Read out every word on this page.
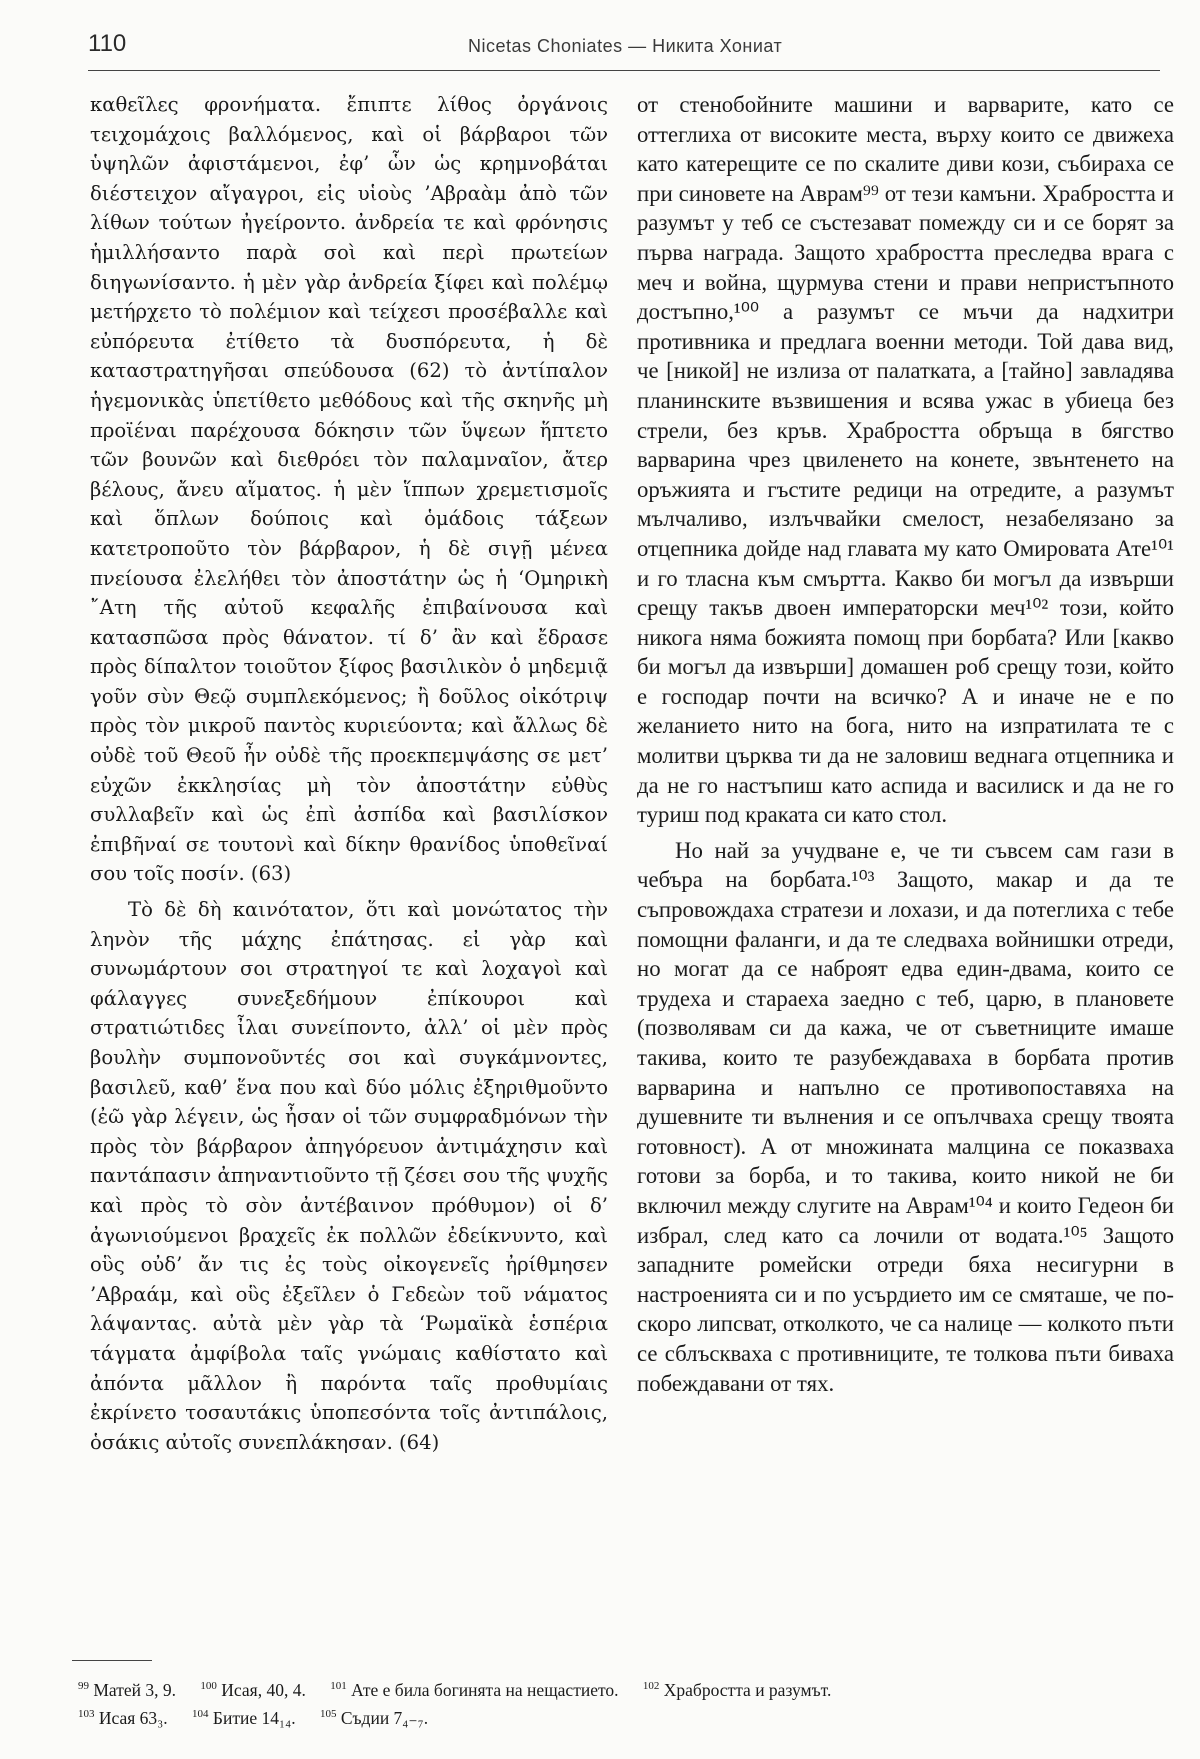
110	Nicetas Choniates — Никита Хониат

καθεῖλες φρονήματα. ἔπιπτε λίθος ὀργάνοις τειχομάχοις βαλλόμενος, καὶ οἱ βάρβαροι τῶν ὑψηλῶν ἀφιστάμενοι, ἐφ’ ὧν ὡς κρημνοβάται διέστειχον αἴγαγροι, εἰς υἱοὺς ’Αβραὰμ ἀπὸ τῶν λίθων τούτων ἠγείροντο. ἀνδρεία τε καὶ φρόνησις ἡμιλλήσαντο παρὰ σοὶ καὶ περὶ πρωτείων διηγωνίσαντο. ἡ μὲν γὰρ ἀνδρεία ξίφει καὶ πολέμῳ μετήρχετο τὸ πολέμιον καὶ τείχεσι προσέβαλλε καὶ εὐπόρευτα ἐτίθετο τὰ δυσπόρευτα, ἡ δὲ καταστρατηγῆσαι σπεύδουσα (62) τὸ ἀντίπαλον ἡγεμονικὰς ὑπετίθετο μεθόδους καὶ τῆς σκηνῆς μὴ προϊέναι παρέχουσα δόκησιν τῶν ὕψεων ἥπτετο τῶν βουνῶν καὶ διεθρόει τὸν παλαμναῖον, ἄτερ βέλους, ἄνευ αἵματος. ἡ μὲν ἵππων χρεμετισμοῖς καὶ ὅπλων δούποις καὶ ὁμάδοις τάξεων κατετροποῦτο τὸν βάρβαρον, ἡ δὲ σιγῇ μένεα πνείουσα ἐλελήθει τὸν ἀποστάτην ὡς ἡ ‘Ομηρικὴ ῎Ατη τῆς αὐτοῦ κεφαλῆς ἐπιβαίνουσα καὶ κατασπῶσα πρὸς θάνατον. τί δ’ ἂν καὶ ἔδρασε πρὸς δίπαλτον τοιοῦτον ξίφος βασιλικὸν ὁ μηδεμιᾷ γοῦν σὺν Θεῷ συμπλεκόμενος; ἢ δοῦλος οἰκότριψ πρὸς τὸν μικροῦ παντὸς κυριεύοντα; καὶ ἄλλως δὲ οὐδὲ τοῦ Θεοῦ ἦν οὐδὲ τῆς προεκπεμψάσης σε μετ’ εὐχῶν ἐκκλησίας μὴ τὸν ἀποστάτην εὐθὺς συλλαβεῖν καὶ ὡς ἐπὶ ἀσπίδα καὶ βασιλίσκον ἐπιβῆναί σε τουτονὶ καὶ δίκην θρανίδος ὑποθεῖναί σου τοῖς ποσίν. (63)

Τὸ δὲ δὴ καινότατον, ὅτι καὶ μονώτατος τὴν ληνὸν τῆς μάχης ἐπάτησας. εἰ γὰρ καὶ συνωμάρτουν σοι στρατηγοί τε καὶ λοχαγοὶ καὶ φάλαγγες συνεξεδήμουν ἐπίκουροι καὶ στρατιώτιδες ἶλαι συνείποντο, ἀλλ’ οἱ μὲν πρὸς βουλὴν συμπονοῦντές σοι καὶ συγκάμνοντες, βασιλεῦ, καθ’ ἕνα που καὶ δύο μόλις ἐξηριθμοῦντο (ἐῶ γὰρ λέγειν, ὡς ἦσαν οἱ τῶν συμφραδμόνων τὴν πρὸς τὸν βάρβαρον ἀπηγόρευον ἀντιμάχησιν καὶ παντάπασιν ἀπηναντιοῦντο τῇ ζέσει σου τῆς ψυχῆς καὶ πρὸς τὸ σὸν ἀντέβαινον πρόθυμον) οἱ δ’ ἀγωνιούμενοι βραχεῖς ἐκ πολλῶν ἐδείκνυντο, καὶ οὓς οὐδ’ ἄν τις ἐς τοὺς οἰκογενεῖς ἠρίθμησεν ’Αβραάμ, καὶ οὓς ἐξεῖλεν ὁ Γεδεὼν τοῦ νάματος λάψαντας. αὐτὰ μὲν γὰρ τὰ ‘Ρωμαϊκὰ ἑσπέρια τάγματα ἀμφίβολα ταῖς γνώμαις καθίστατο καὶ ἀπόντα μᾶλλον ἢ παρόντα ταῖς προθυμίαις ἐκρίνετο τοσαυτάκις ὑποπεσόντα τοῖς ἀντιπάλοις, ὁσάκις αὐτοῖς συνεπλάκησαν. (64)

от стенобойните машини и варварите, като се оттеглиха от високите места, върху които се движеха като катерещите се по скалите диви кози, събираха се при синовете на Аврам⁹⁹ от тези камъни. Храбростта и разумът у теб се състезават помежду си и се борят за първа награда. Защото храбростта преследва врага с меч и война, щурмува стени и прави непристъпното достъпно,¹⁰⁰ а разумът се мъчи да надхитри противника и предлага военни методи. Той дава вид, че [никой] не излиза от палатката, а [тайно] завладява планинските възвишения и всява ужас в убиеца без стрели, без кръв. Храбростта обръща в бягство варварина чрез цвиленето на конете, звънтенето на оръжията и гъстите редици на отредите, а разумът мълчаливо, излъчвайки смелост, незабелязано за отцепника дойде над главата му като Омировата Ате¹⁰¹ и го тласна към смъртта. Какво би могъл да извърши срещу такъв двоен императорски меч¹⁰² този, който никога няма божията помощ при борбата? Или [какво би могъл да извърши] домашен роб срещу този, който е господар почти на всичко? А и иначе не е по желанието нито на бога, нито на изпратилата те с молитви църква ти да не заловиш веднага отцепника и да не го настъпиш като аспида и василиск и да не го туриш под краката си като стол.

Но най за учудване е, че ти съвсем сам гази в чебъра на борбата.¹⁰³ Защото, макар и да те съпровождаха стратези и лохази, и да потеглиха с тебе помощни фаланги, и да те следваха войнишки отреди, но могат да се наброят едва един-двама, които се трудеха и стараеха заедно с теб, царю, в плановете (позволявам си да кажа, че от съветниците имаше такива, които те разубеждаваха в борбата против варварина и напълно се противопоставяха на душевните ти вълнения и се опълчваха срещу твоята готовност). А от множината малцина се показваха готови за борба, и то такива, които никой не би включил между слугите на Аврам¹⁰⁴ и които Гедеон би избрал, след като са лочили от водата.¹⁰⁵ Защото западните ромейски отреди бяха несигурни в настроенията си и по усърдието им се смяташе, че по-скоро липсват, отколкото, че са налице — колкото пъти се сблъскваха с противниците, те толкова пъти биваха побеждавани от тях.

$^{99}$ Матей 3, 9. $^{100}$ Исая, 40, 4. $^{101}$ Ате е била богинята на нещастието. $^{102}$ Храбростта и разумът.
$^{103}$ Исая 63₃. $^{104}$ Битие 14₁₄. $^{105}$ Съдии 7₄₋₇.
